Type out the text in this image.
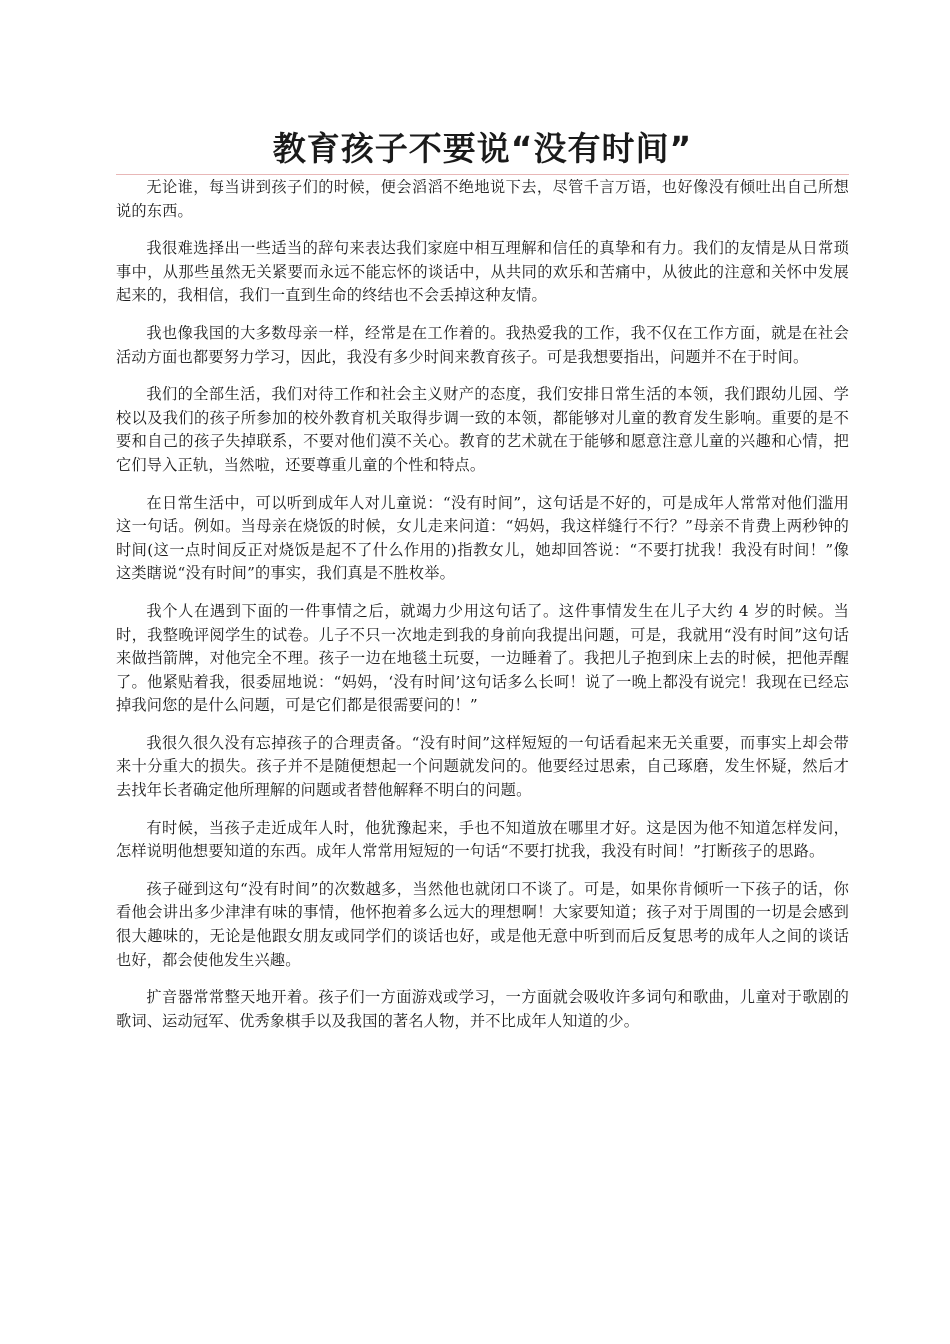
教育孩子不要说“没有时间”

无论谁，每当讲到孩子们的时候，便会滔滔不绝地说下去，尽管千言万语，也好像没有倾吐出自己所想说的东西。

我很难选择出一些适当的辞句来表达我们家庭中相互理解和信任的真挚和有力。我们的友情是从日常琐事中，从那些虽然无关紧要而永远不能忘怀的谈话中，从共同的欢乐和苦痛中，从彼此的注意和关怀中发展起来的，我相信，我们一直到生命的终结也不会丢掉这种友情。

我也像我国的大多数母亲一样，经常是在工作着的。我热爱我的工作，我不仅在工作方面，就是在社会活动方面也都要努力学习，因此，我没有多少时间来教育孩子。可是我想要指出，问题并不在于时间。

我们的全部生活，我们对待工作和社会主义财产的态度，我们安排日常生活的本领，我们跟幼儿园、学校以及我们的孩子所参加的校外教育机关取得步调一致的本领，都能够对儿童的教育发生影响。重要的是不要和自己的孩子失掉联系，不要对他们漠不关心。教育的艺术就在于能够和愿意注意儿童的兴趣和心情，把它们导入正轨，当然啦，还要尊重儿童的个性和特点。

在日常生活中，可以听到成年人对儿童说：“没有时间”，这句话是不好的，可是成年人常常对他们滥用这一句话。例如。当母亲在烧饭的时候，女儿走来问道：“妈妈，我这样缝行不行？”母亲不肯费上两秒钟的时间(这一点时间反正对烧饭是起不了什么作用的)指教女儿，她却回答说：“不要打扰我！我没有时间！”像这类瞎说“没有时间”的事实，我们真是不胜枚举。

我个人在遇到下面的一件事情之后，就竭力少用这句话了。这件事情发生在儿子大约 4 岁的时候。当时，我整晚评阅学生的试卷。儿子不只一次地走到我的身前向我提出问题，可是，我就用“没有时间”这句话来做挡箭牌，对他完全不理。孩子一边在地毯土玩耍，一边睡着了。我把儿子抱到床上去的时候，把他弄醒了。他紧贴着我，很委屈地说：“妈妈，‘没有时间’这句话多么长呵！说了一晚上都没有说完！我现在已经忘掉我问您的是什么问题，可是它们都是很需要问的！”

我很久很久没有忘掉孩子的合理责备。“没有时间”这样短短的一句话看起来无关重要，而事实上却会带来十分重大的损失。孩子并不是随便想起一个问题就发问的。他要经过思索，自己琢磨，发生怀疑，然后才去找年长者确定他所理解的问题或者替他解释不明白的问题。

有时候，当孩子走近成年人时，他犹豫起来，手也不知道放在哪里才好。这是因为他不知道怎样发问，怎样说明他想要知道的东西。成年人常常用短短的一句话“不要打扰我，我没有时间！”打断孩子的思路。

孩子碰到这句“没有时间”的次数越多，当然他也就闭口不谈了。可是，如果你肯倾听一下孩子的话，你看他会讲出多少津津有味的事情，他怀抱着多么远大的理想啊！大家要知道；孩子对于周围的一切是会感到很大趣味的，无论是他跟女朋友或同学们的谈话也好，或是他无意中听到而后反复思考的成年人之间的谈话也好，都会使他发生兴趣。

扩音器常常整天地开着。孩子们一方面游戏或学习，一方面就会吸收许多词句和歌曲，儿童对于歌剧的歌词、运动冠军、优秀象棋手以及我国的著名人物，并不比成年人知道的少。
